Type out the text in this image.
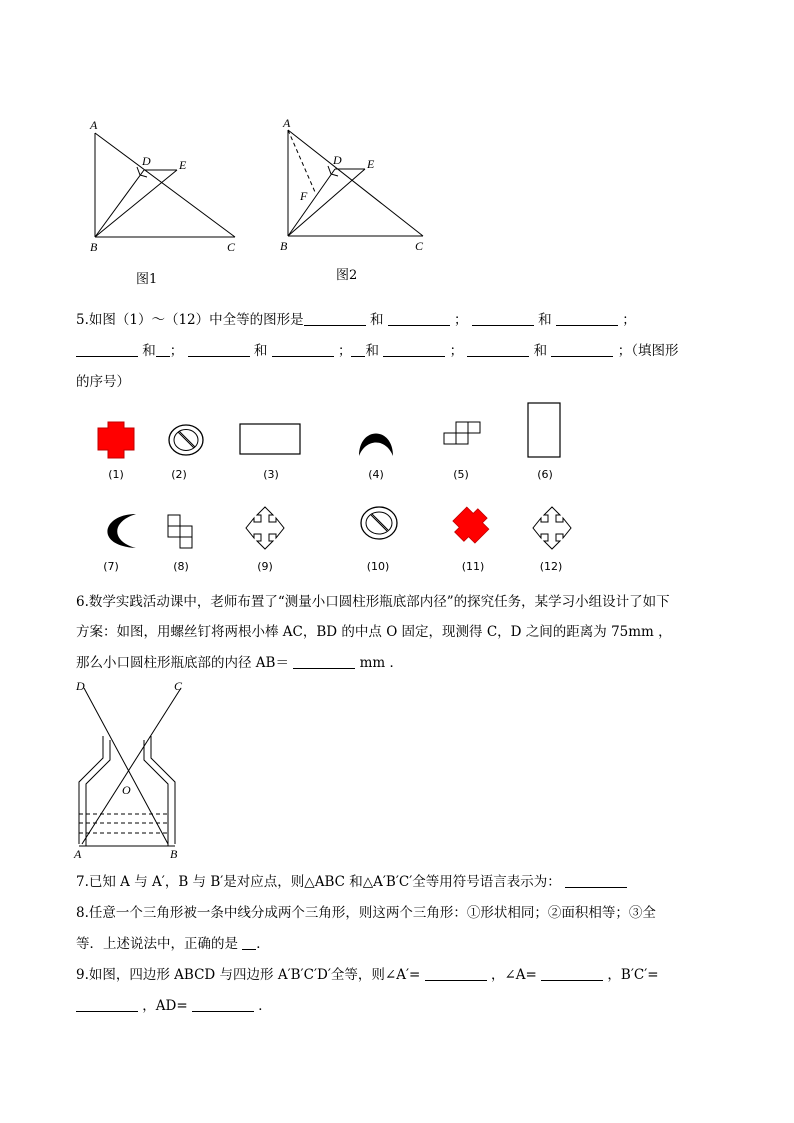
A
D E
B	C
图1
A
D E
F
B	C
图2
5.如图（1）～（12）中全等的图形是	和	；	和	；
和 ；	和	； 和	；	和	；（填图形
的序号）
(1)	(2)	(3)	(4)	(5)	(6)
(7)	(8)	(9)	(10)	(11)	(12)
6.数学实践活动课中，老师布置了“测量小口圆柱形瓶底部内径”的探究任务，某学习小组设计了如下
方案：如图，用螺丝钉将两根小棒 AC，BD 的中点 O 固定，现测得 C，D 之间的距离为 75mm ，
那么小口圆柱形瓶底部的内径 AB＝	mm ．
D	C
O
A	B
7.已知 A 与 A′，B 与 B′是对应点，则△ABC 和△A′B′C′全等用符号语言表示为：
8.任意一个三角形被一条中线分成两个三角形，则这两个三角形：①形状相同；②面积相等；③全
等．上述说法中，正确的是 ．
9.如图，四边形 ABCD 与四边形 A′B′C′D′全等，则∠A′=	，∠A=	，B′C′=
，AD=	．
